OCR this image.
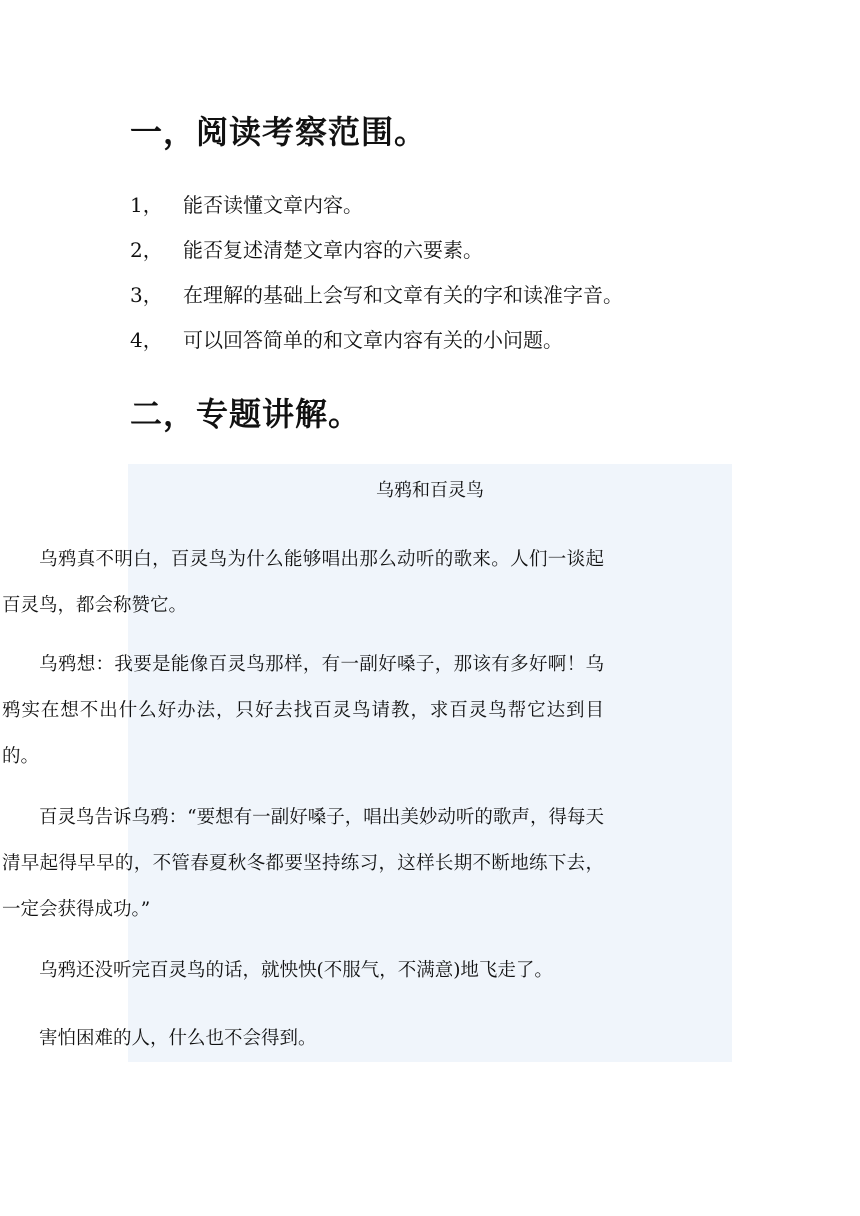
一，阅读考察范围。
1， 能否读懂文章内容。
2， 能否复述清楚文章内容的六要素。
3， 在理解的基础上会写和文章有关的字和读准字音。
4， 可以回答简单的和文章内容有关的小问题。
二，专题讲解。
乌鸦和百灵鸟

乌鸦真不明白，百灵鸟为什么能够唱出那么动听的歌来。人们一谈起百灵鸟，都会称赞它。

乌鸦想：我要是能像百灵鸟那样，有一副好嗓子，那该有多好啊！乌鸦实在想不出什么好办法，只好去找百灵鸟请教，求百灵鸟帮它达到目的。

百灵鸟告诉乌鸦：“要想有一副好嗓子，唱出美妙动听的歌声，得每天清早起得早早的，不管春夏秋冬都要坚持练习，这样长期不断地练下去，一定会获得成功。”

乌鸦还没听完百灵鸟的话，就怏怏(不服气，不满意)地飞走了。

害怕困难的人，什么也不会得到。
